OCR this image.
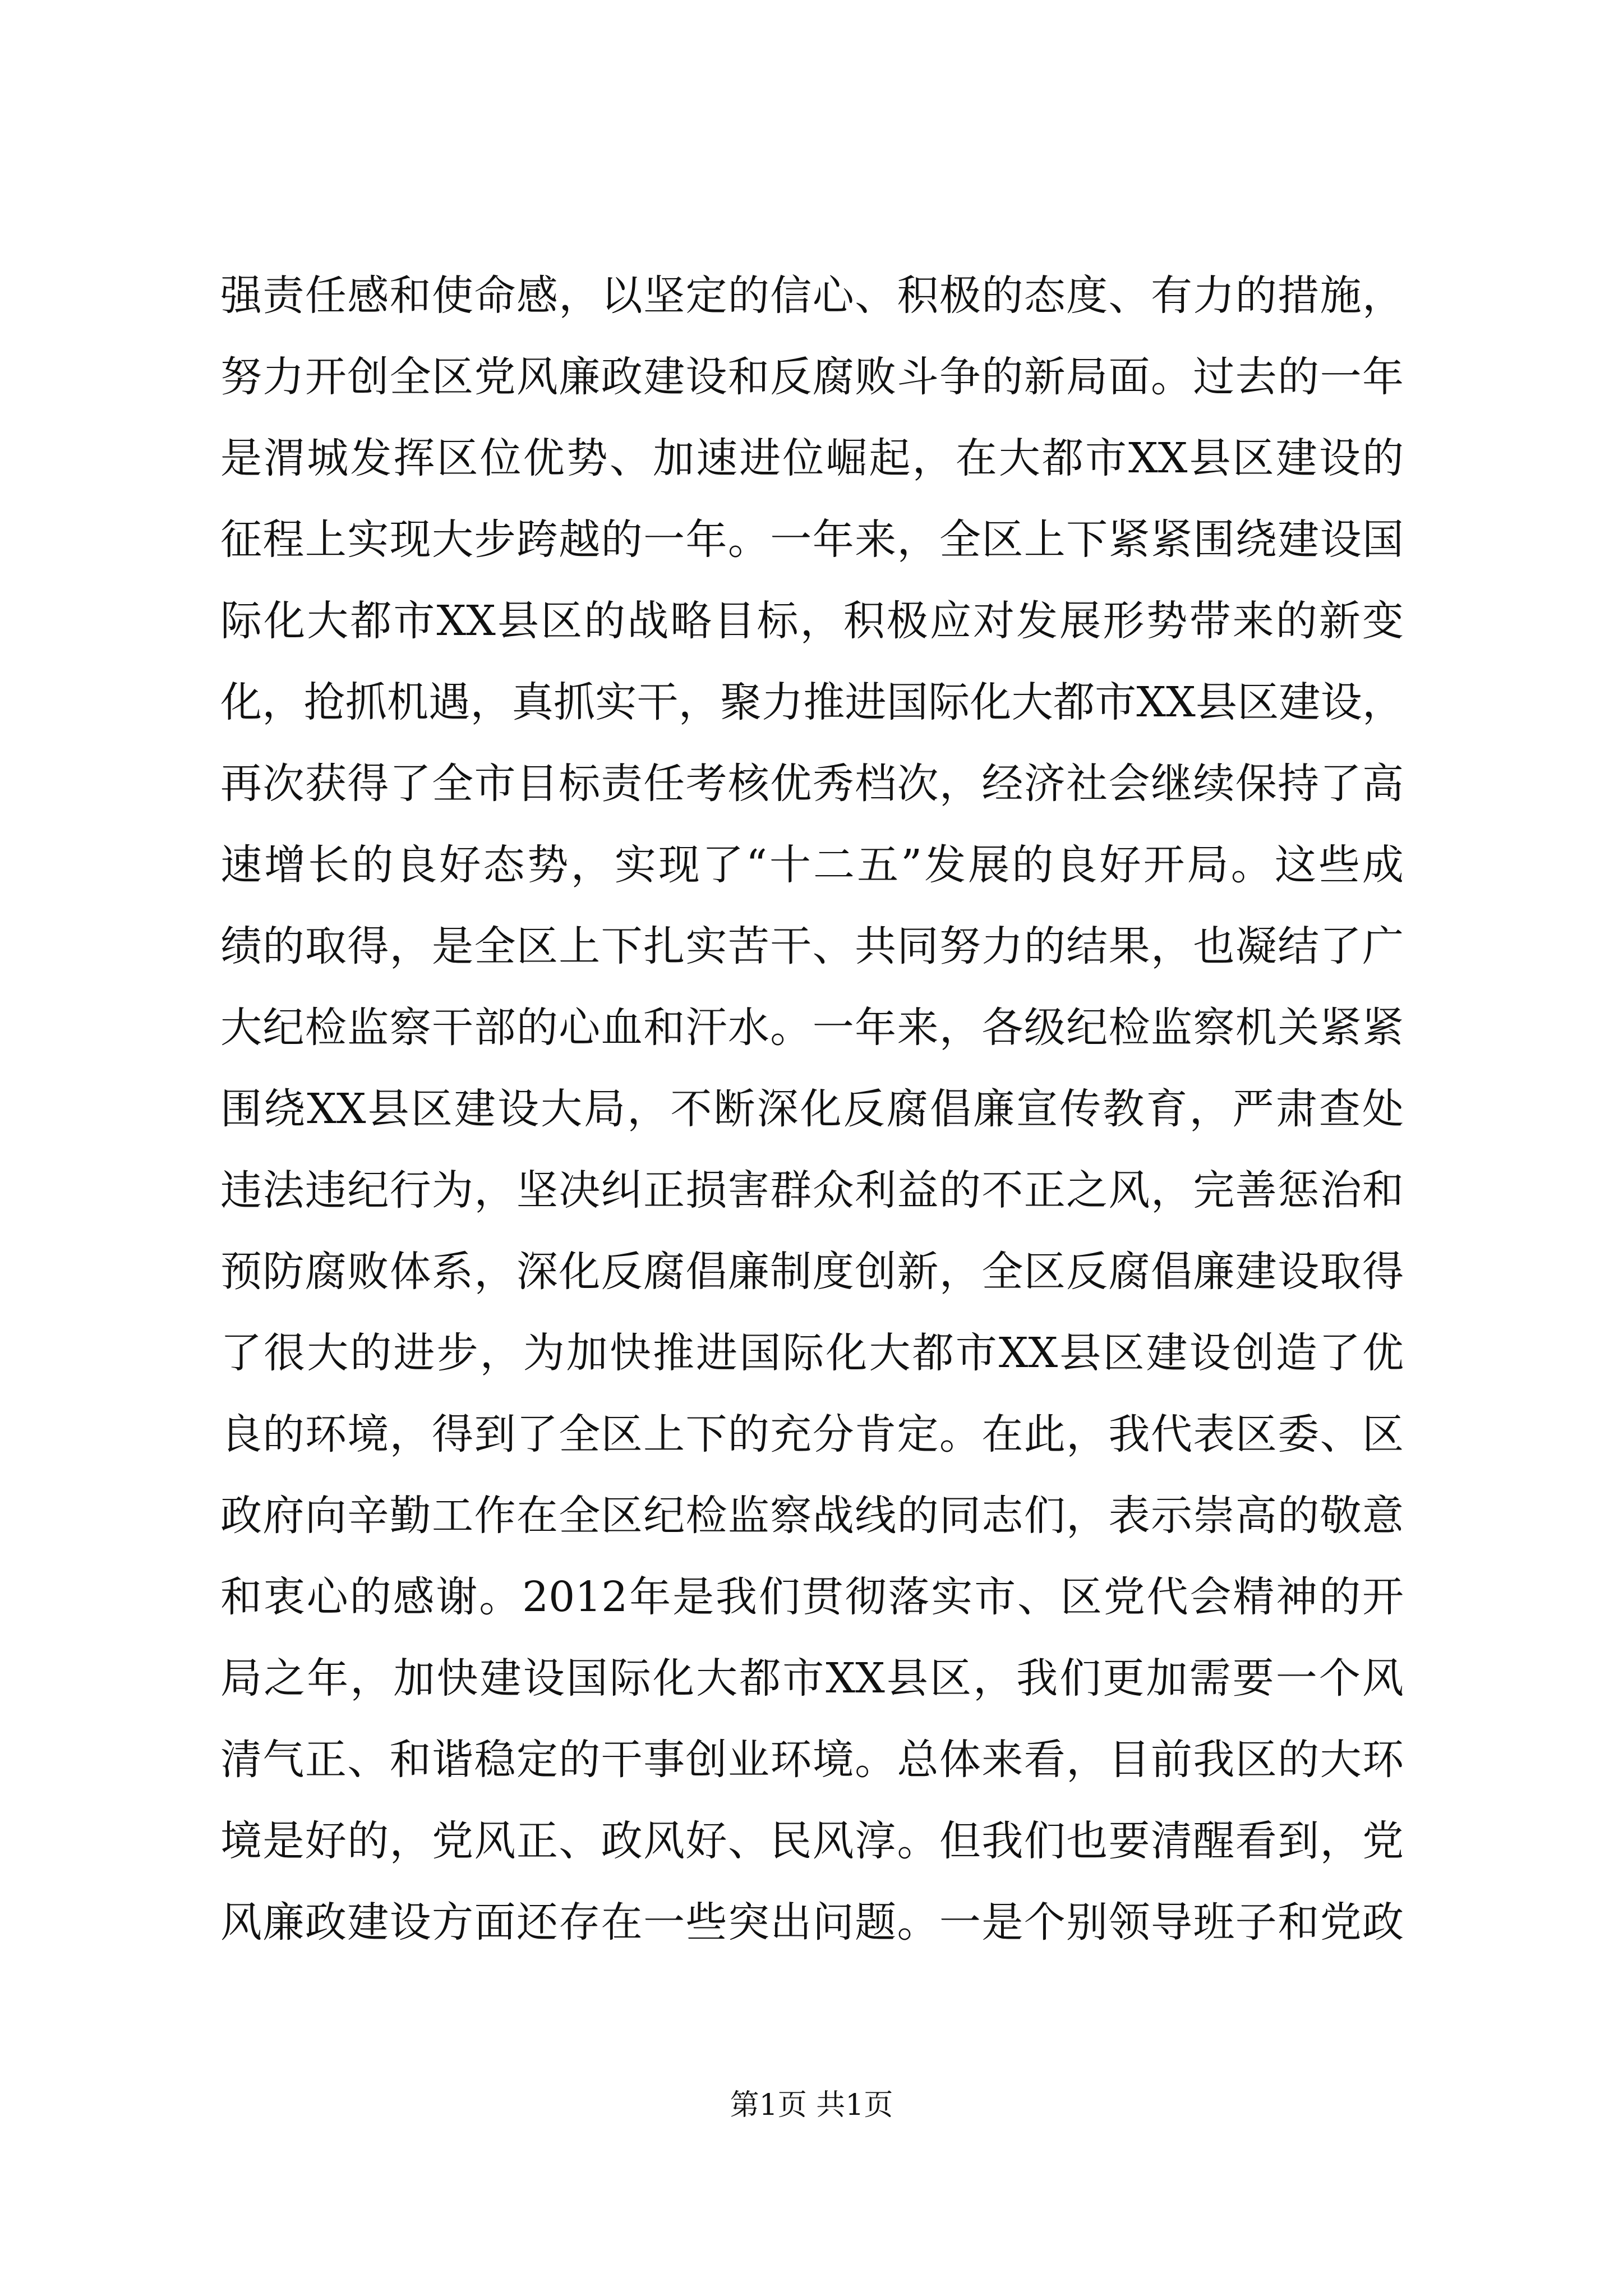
强责任感和使命感，以坚定的信心、积极的态度、有力的措施，
努力开创全区党风廉政建设和反腐败斗争的新局面。过去的一年
是渭城发挥区位优势、加速进位崛起，在大都市XX县区建设的
征程上实现大步跨越的一年。一年来，全区上下紧紧围绕建设国
际化大都市XX县区的战略目标，积极应对发展形势带来的新变
化，抢抓机遇，真抓实干，聚力推进国际化大都市XX县区建设，
再次获得了全市目标责任考核优秀档次，经济社会继续保持了高
速增长的良好态势，实现了“十二五”发展的良好开局。这些成
绩的取得，是全区上下扎实苦干、共同努力的结果，也凝结了广
大纪检监察干部的心血和汗水。一年来，各级纪检监察机关紧紧
围绕XX县区建设大局，不断深化反腐倡廉宣传教育，严肃查处
违法违纪行为，坚决纠正损害群众利益的不正之风，完善惩治和
预防腐败体系，深化反腐倡廉制度创新，全区反腐倡廉建设取得
了很大的进步，为加快推进国际化大都市XX县区建设创造了优
良的环境，得到了全区上下的充分肯定。在此，我代表区委、区
政府向辛勤工作在全区纪检监察战线的同志们，表示崇高的敬意
和衷心的感谢。2012年是我们贯彻落实市、区党代会精神的开
局之年，加快建设国际化大都市XX县区，我们更加需要一个风
清气正、和谐稳定的干事创业环境。总体来看，目前我区的大环
境是好的，党风正、政风好、民风淳。但我们也要清醒看到，党
风廉政建设方面还存在一些突出问题。一是个别领导班子和党政
第1页 共1页
